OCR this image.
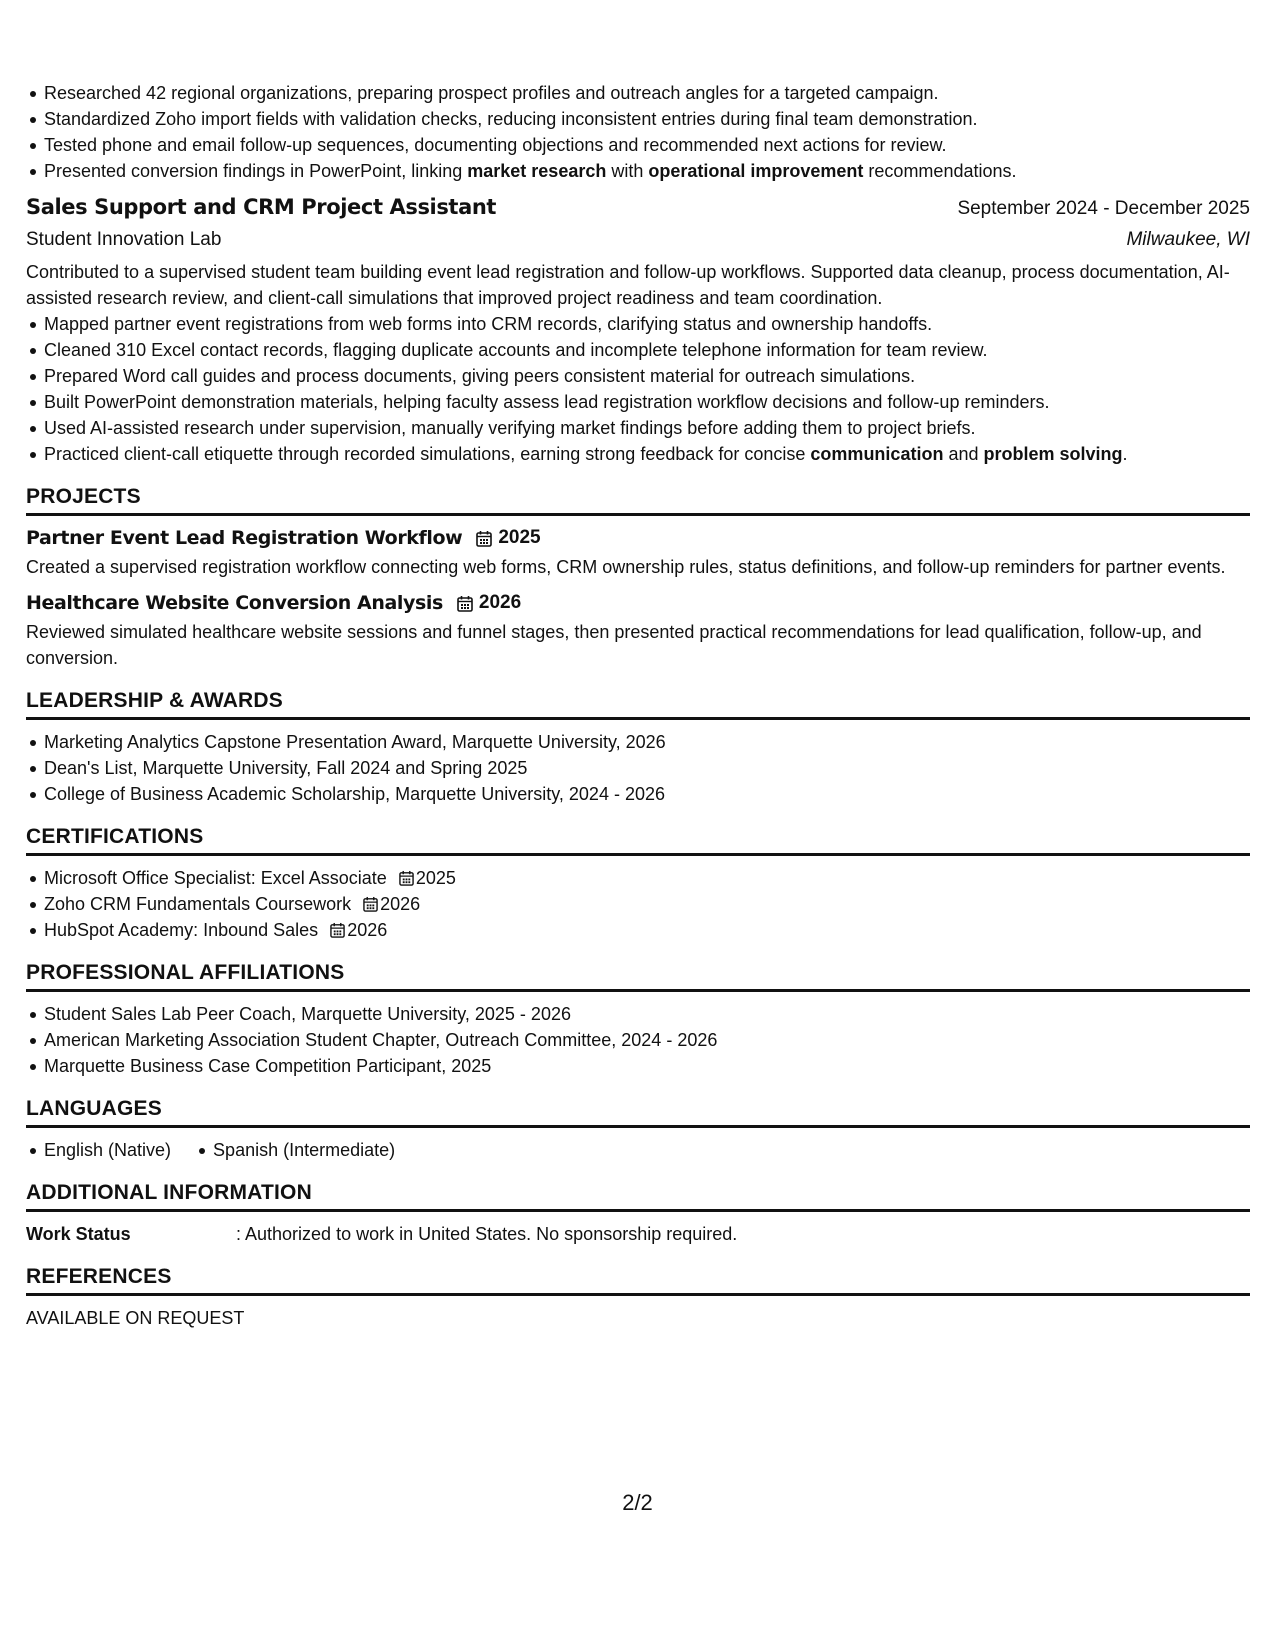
Researched 42 regional organizations, preparing prospect profiles and outreach angles for a targeted campaign.
Standardized Zoho import fields with validation checks, reducing inconsistent entries during final team demonstration.
Tested phone and email follow-up sequences, documenting objections and recommended next actions for review.
Presented conversion findings in PowerPoint, linking market research with operational improvement recommendations.
Sales Support and CRM Project Assistant	September 2024 - December 2025
Student Innovation Lab	Milwaukee, WI

Contributed to a supervised student team building event lead registration and follow-up workflows. Supported data cleanup, process documentation, AI-assisted research review, and client-call simulations that improved project readiness and team coordination.

Mapped partner event registrations from web forms into CRM records, clarifying status and ownership handoffs.
Cleaned 310 Excel contact records, flagging duplicate accounts and incomplete telephone information for team review.
Prepared Word call guides and process documents, giving peers consistent material for outreach simulations.
Built PowerPoint demonstration materials, helping faculty assess lead registration workflow decisions and follow-up reminders.
Used AI-assisted research under supervision, manually verifying market findings before adding them to project briefs.
Practiced client-call etiquette through recorded simulations, earning strong feedback for concise communication and problem solving.
PROJECTS
Partner Event Lead Registration Workflow 2025

Created a supervised registration workflow connecting web forms, CRM ownership rules, status definitions, and follow-up reminders for partner events.

Healthcare Website Conversion Analysis 2026

Reviewed simulated healthcare website sessions and funnel stages, then presented practical recommendations for lead qualification, follow-up, and conversion.

LEADERSHIP & AWARDS
Marketing Analytics Capstone Presentation Award, Marquette University, 2026
Dean's List, Marquette University, Fall 2024 and Spring 2025
College of Business Academic Scholarship, Marquette University, 2024 - 2026
CERTIFICATIONS
Microsoft Office Specialist: Excel Associate 2025
Zoho CRM Fundamentals Coursework 2026
HubSpot Academy: Inbound Sales 2026
PROFESSIONAL AFFILIATIONS
Student Sales Lab Peer Coach, Marquette University, 2025 - 2026
American Marketing Association Student Chapter, Outreach Committee, 2024 - 2026
Marquette Business Case Competition Participant, 2025
LANGUAGES
English (Native)	Spanish (Intermediate)
ADDITIONAL INFORMATION
Work Status	: Authorized to work in United States. No sponsorship required.
REFERENCES

AVAILABLE ON REQUEST

2/2
